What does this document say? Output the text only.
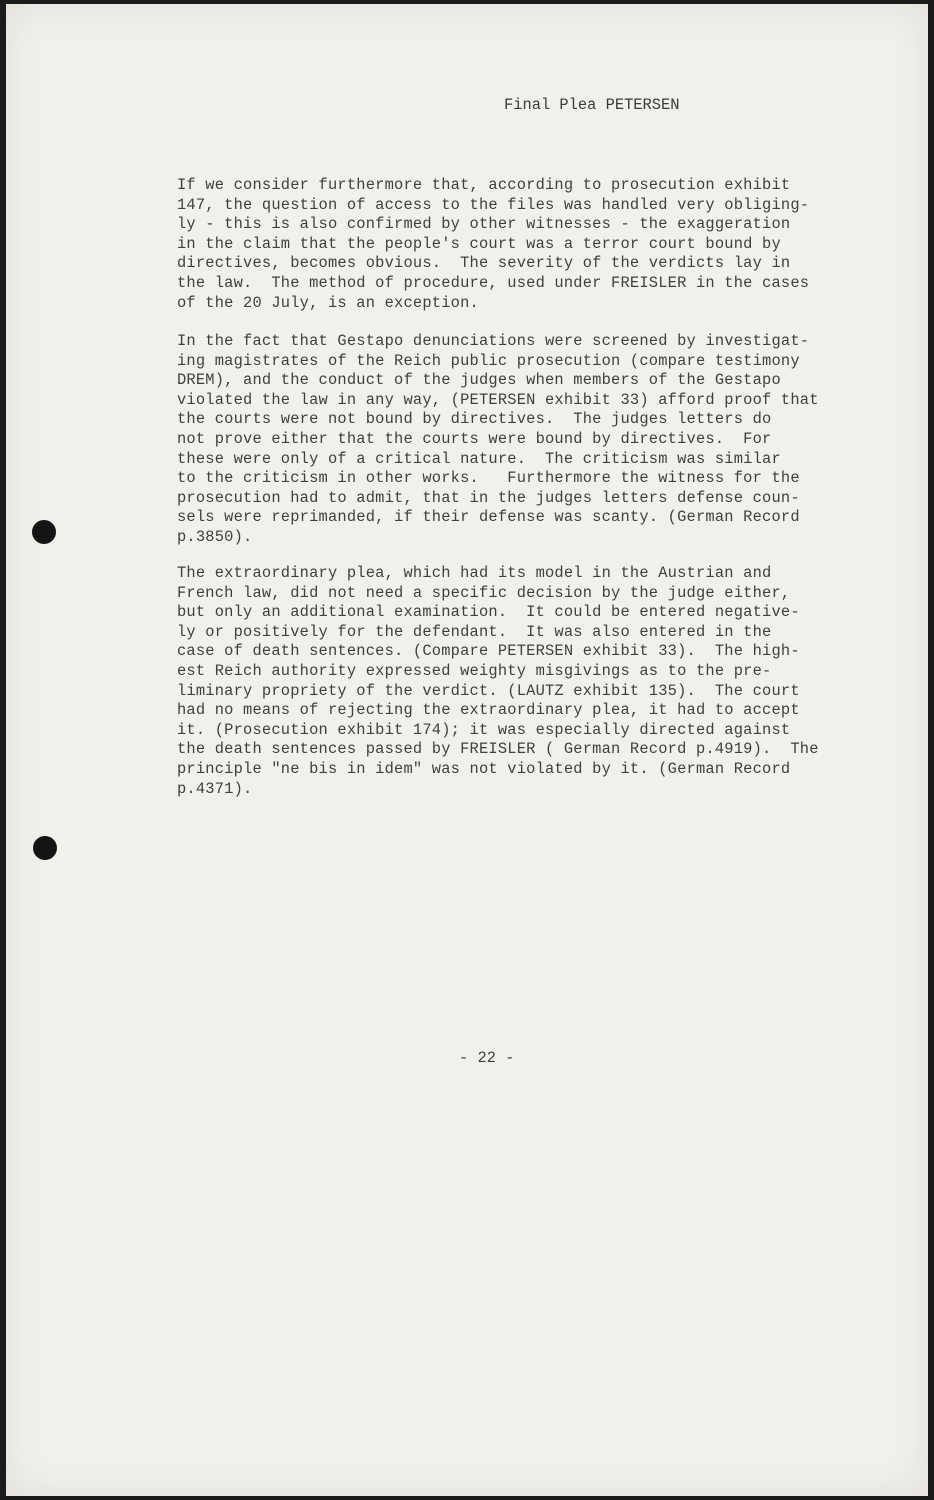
Final Plea PETERSEN

If we consider furthermore that, according to prosecution exhibit
147, the question of access to the files was handled very obliging-
ly - this is also confirmed by other witnesses - the exaggeration
in the claim that the people's court was a terror court bound by
directives, becomes obvious.  The severity of the verdicts lay in
the law.  The method of procedure, used under FREISLER in the cases
of the 20 July, is an exception.

In the fact that Gestapo denunciations were screened by investigat-
ing magistrates of the Reich public prosecution (compare testimony
DREM), and the conduct of the judges when members of the Gestapo
violated the law in any way, (PETERSEN exhibit 33) afford proof that
the courts were not bound by directives.  The judges letters do
not prove either that the courts were bound by directives.  For
these were only of a critical nature.  The criticism was similar
to the criticism in other works.   Furthermore the witness for the
prosecution had to admit, that in the judges letters defense coun-
sels were reprimanded, if their defense was scanty. (German Record
p.3850).

The extraordinary plea, which had its model in the Austrian and
French law, did not need a specific decision by the judge either,
but only an additional examination.  It could be entered negative-
ly or positively for the defendant.  It was also entered in the
case of death sentences. (Compare PETERSEN exhibit 33).  The high-
est Reich authority expressed weighty misgivings as to the pre-
liminary propriety of the verdict. (LAUTZ exhibit 135).  The court
had no means of rejecting the extraordinary plea, it had to accept
it. (Prosecution exhibit 174); it was especially directed against
the death sentences passed by FREISLER ( German Record p.4919).  The
principle "ne bis in idem" was not violated by it. (German Record
p.4371).

- 22 -
